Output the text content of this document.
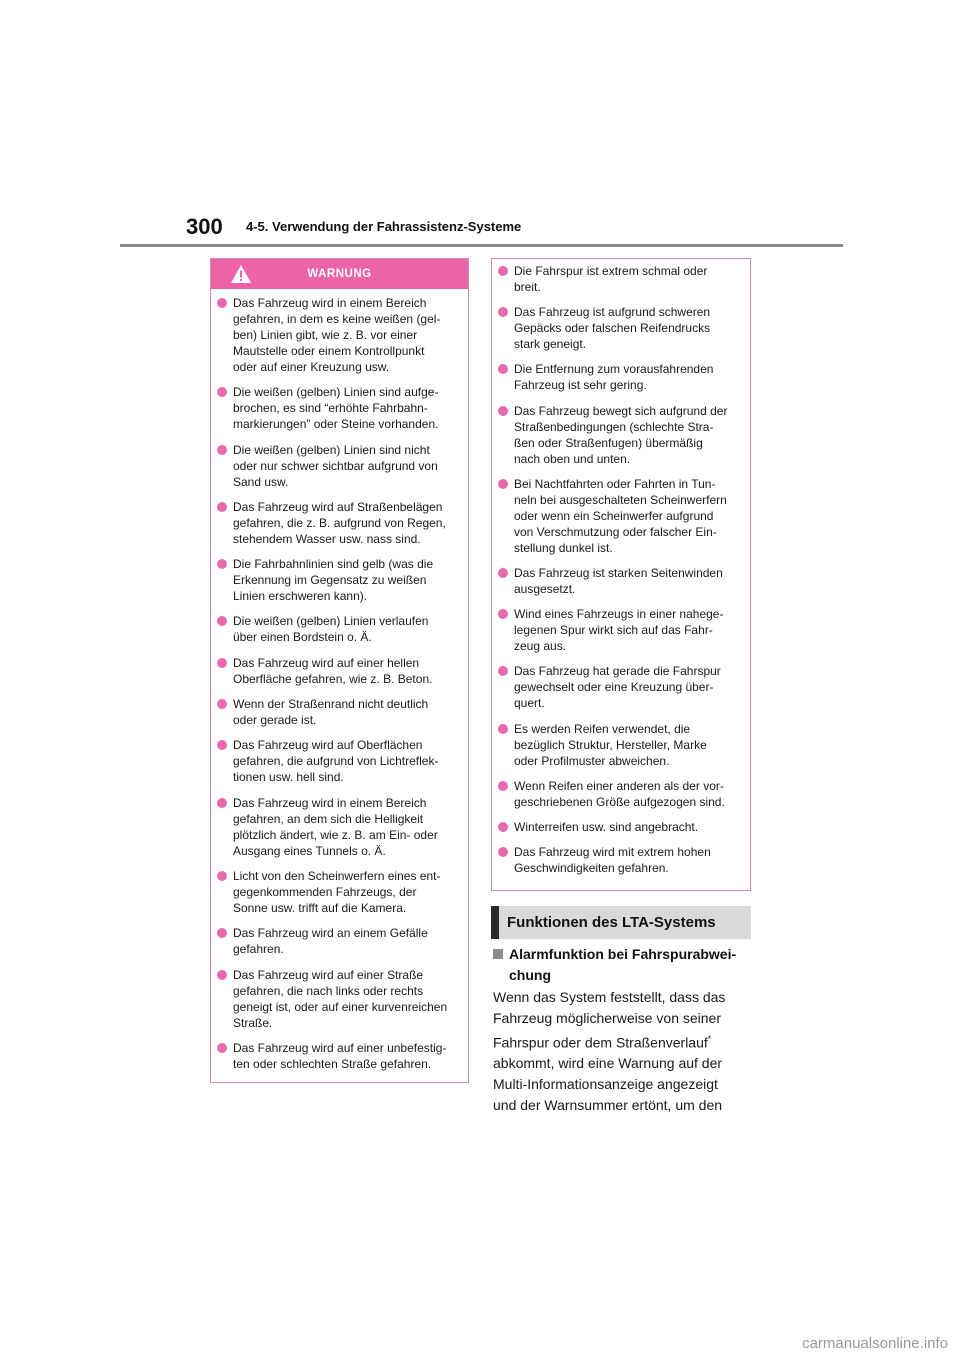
300 4-5. Verwendung der Fahrassistenz-Systeme
WARNUNG
Das Fahrzeug wird in einem Bereich
gefahren, in dem es keine weißen (gel-
ben) Linien gibt, wie z. B. vor einer
Mautstelle oder einem Kontrollpunkt
oder auf einer Kreuzung usw.
Die weißen (gelben) Linien sind aufge-
brochen, es sind “erhöhte Fahrbahn-
markierungen” oder Steine vorhanden.
Die weißen (gelben) Linien sind nicht
oder nur schwer sichtbar aufgrund von
Sand usw.
Das Fahrzeug wird auf Straßenbelägen
gefahren, die z. B. aufgrund von Regen,
stehendem Wasser usw. nass sind.
Die Fahrbahnlinien sind gelb (was die
Erkennung im Gegensatz zu weißen
Linien erschweren kann).
Die weißen (gelben) Linien verlaufen
über einen Bordstein o. Ä.
Das Fahrzeug wird auf einer hellen
Oberfläche gefahren, wie z. B. Beton.
Wenn der Straßenrand nicht deutlich
oder gerade ist.
Das Fahrzeug wird auf Oberflächen
gefahren, die aufgrund von Lichtreflek-
tionen usw. hell sind.
Das Fahrzeug wird in einem Bereich
gefahren, an dem sich die Helligkeit
plötzlich ändert, wie z. B. am Ein- oder
Ausgang eines Tunnels o. Ä.
Licht von den Scheinwerfern eines ent-
gegenkommenden Fahrzeugs, der
Sonne usw. trifft auf die Kamera.
Das Fahrzeug wird an einem Gefälle
gefahren.
Das Fahrzeug wird auf einer Straße
gefahren, die nach links oder rechts
geneigt ist, oder auf einer kurvenreichen
Straße.
Das Fahrzeug wird auf einer unbefestig-
ten oder schlechten Straße gefahren.
Die Fahrspur ist extrem schmal oder
breit.
Das Fahrzeug ist aufgrund schweren
Gepäcks oder falschen Reifendrucks
stark geneigt.
Die Entfernung zum vorausfahrenden
Fahrzeug ist sehr gering.
Das Fahrzeug bewegt sich aufgrund der
Straßenbedingungen (schlechte Stra-
ßen oder Straßenfugen) übermäßig
nach oben und unten.
Bei Nachtfahrten oder Fahrten in Tun-
neln bei ausgeschalteten Scheinwerfern
oder wenn ein Scheinwerfer aufgrund
von Verschmutzung oder falscher Ein-
stellung dunkel ist.
Das Fahrzeug ist starken Seitenwinden
ausgesetzt.
Wind eines Fahrzeugs in einer nahege-
legenen Spur wirkt sich auf das Fahr-
zeug aus.
Das Fahrzeug hat gerade die Fahrspur
gewechselt oder eine Kreuzung über-
quert.
Es werden Reifen verwendet, die
bezüglich Struktur, Hersteller, Marke
oder Profilmuster abweichen.
Wenn Reifen einer anderen als der vor-
geschriebenen Größe aufgezogen sind.
Winterreifen usw. sind angebracht.
Das Fahrzeug wird mit extrem hohen
Geschwindigkeiten gefahren.
Funktionen des LTA-Systems
Alarmfunktion bei Fahrspurabwei-
chung
Wenn das System feststellt, dass das
Fahrzeug möglicherweise von seiner
Fahrspur oder dem Straßenverlauf*
abkommt, wird eine Warnung auf der
Multi-Informationsanzeige angezeigt
und der Warnsummer ertönt, um den
carmanualsonline.info
